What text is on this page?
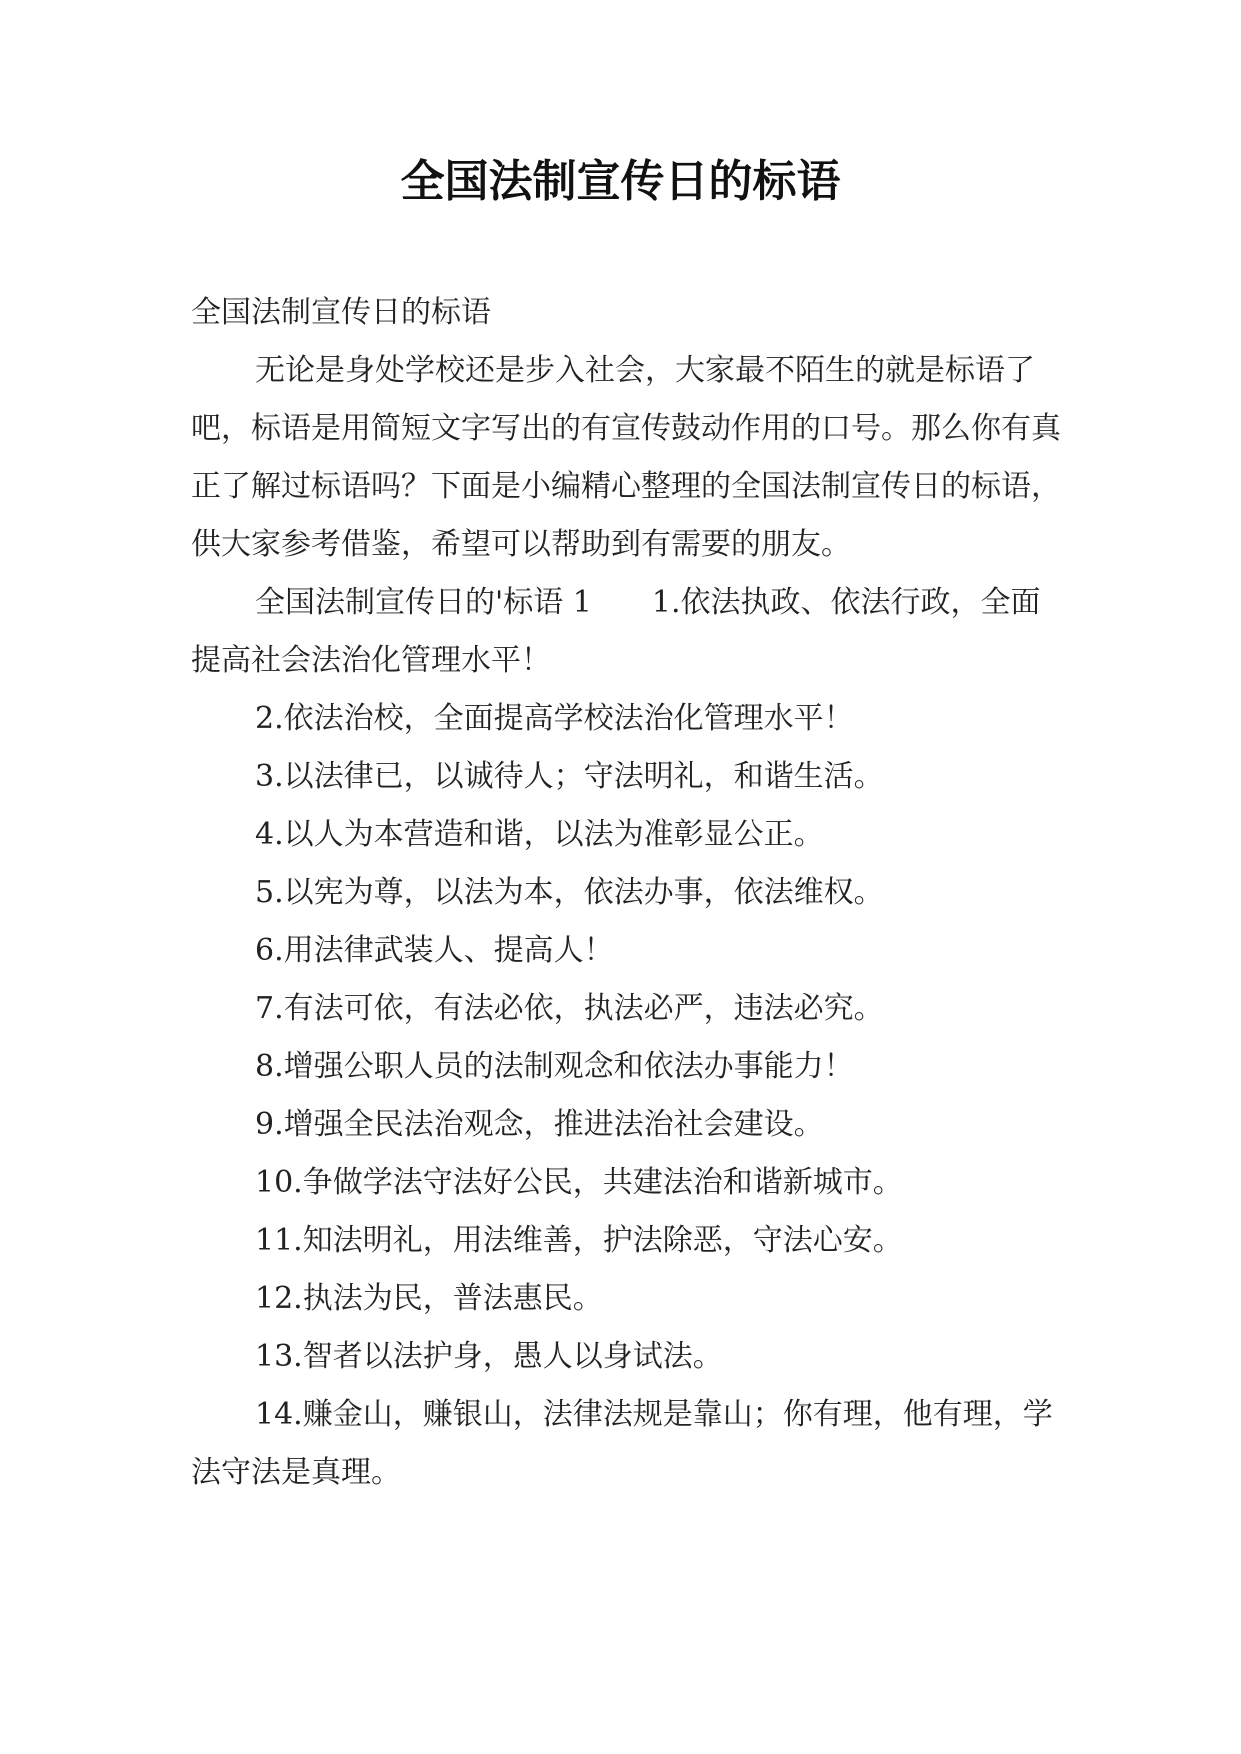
全国法制宣传日的标语

全国法制宣传日的标语

无论是身处学校还是步入社会，大家最不陌生的就是标语了吧，标语是用简短文字写出的有宣传鼓动作用的口号。那么你有真正了解过标语吗？下面是小编精心整理的全国法制宣传日的标语，供大家参考借鉴，希望可以帮助到有需要的朋友。

全国法制宣传日的'标语 1　　1.依法执政、依法行政，全面提高社会法治化管理水平！

2.依法治校，全面提高学校法治化管理水平！

3.以法律已，以诚待人；守法明礼，和谐生活。

4.以人为本营造和谐，以法为准彰显公正。

5.以宪为尊，以法为本，依法办事，依法维权。

6.用法律武装人、提高人！

7.有法可依，有法必依，执法必严，违法必究。

8.增强公职人员的法制观念和依法办事能力！

9.增强全民法治观念，推进法治社会建设。

10.争做学法守法好公民，共建法治和谐新城市。

11.知法明礼，用法维善，护法除恶，守法心安。

12.执法为民，普法惠民。

13.智者以法护身，愚人以身试法。

14.赚金山，赚银山，法律法规是靠山；你有理，他有理，学法守法是真理。
